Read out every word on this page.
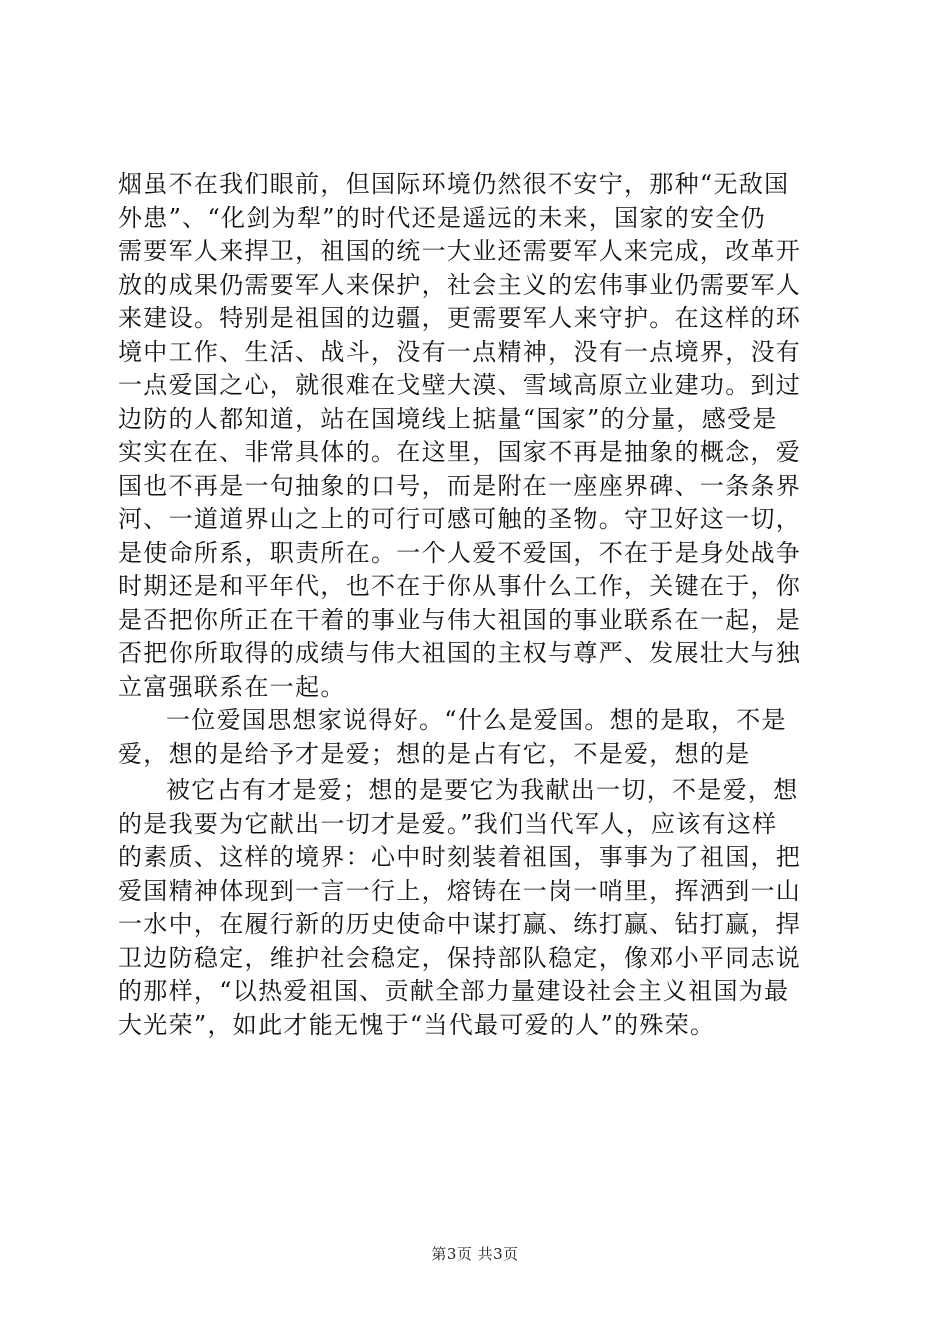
烟虽不在我们眼前，但国际环境仍然很不安宁，那种“无敌国
外患”、“化剑为犁”的时代还是遥远的未来，国家的安全仍
需要军人来捍卫，祖国的统一大业还需要军人来完成，改革开
放的成果仍需要军人来保护，社会主义的宏伟事业仍需要军人
来建设。特别是祖国的边疆，更需要军人来守护。在这样的环
境中工作、生活、战斗，没有一点精神，没有一点境界，没有
一点爱国之心，就很难在戈壁大漠、雪域高原立业建功。到过
边防的人都知道，站在国境线上掂量“国家”的分量，感受是
实实在在、非常具体的。在这里，国家不再是抽象的概念，爱
国也不再是一句抽象的口号，而是附在一座座界碑、一条条界
河、一道道界山之上的可行可感可触的圣物。守卫好这一切，
是使命所系，职责所在。一个人爱不爱国，不在于是身处战争
时期还是和平年代，也不在于你从事什么工作，关键在于，你
是否把你所正在干着的事业与伟大祖国的事业联系在一起，是
否把你所取得的成绩与伟大祖国的主权与尊严、发展壮大与独
立富强联系在一起。
一位爱国思想家说得好。“什么是爱国。想的是取，不是
爱，想的是给予才是爱；想的是占有它，不是爱，想的是
被它占有才是爱；想的是要它为我献出一切，不是爱，想
的是我要为它献出一切才是爱。”我们当代军人，应该有这样
的素质、这样的境界：心中时刻装着祖国，事事为了祖国，把
爱国精神体现到一言一行上，熔铸在一岗一哨里，挥洒到一山
一水中，在履行新的历史使命中谋打赢、练打赢、钻打赢，捍
卫边防稳定，维护社会稳定，保持部队稳定，像邓小平同志说
的那样，“以热爱祖国、贡献全部力量建设社会主义祖国为最
大光荣”，如此才能无愧于“当代最可爱的人”的殊荣。
第3页 共3页
